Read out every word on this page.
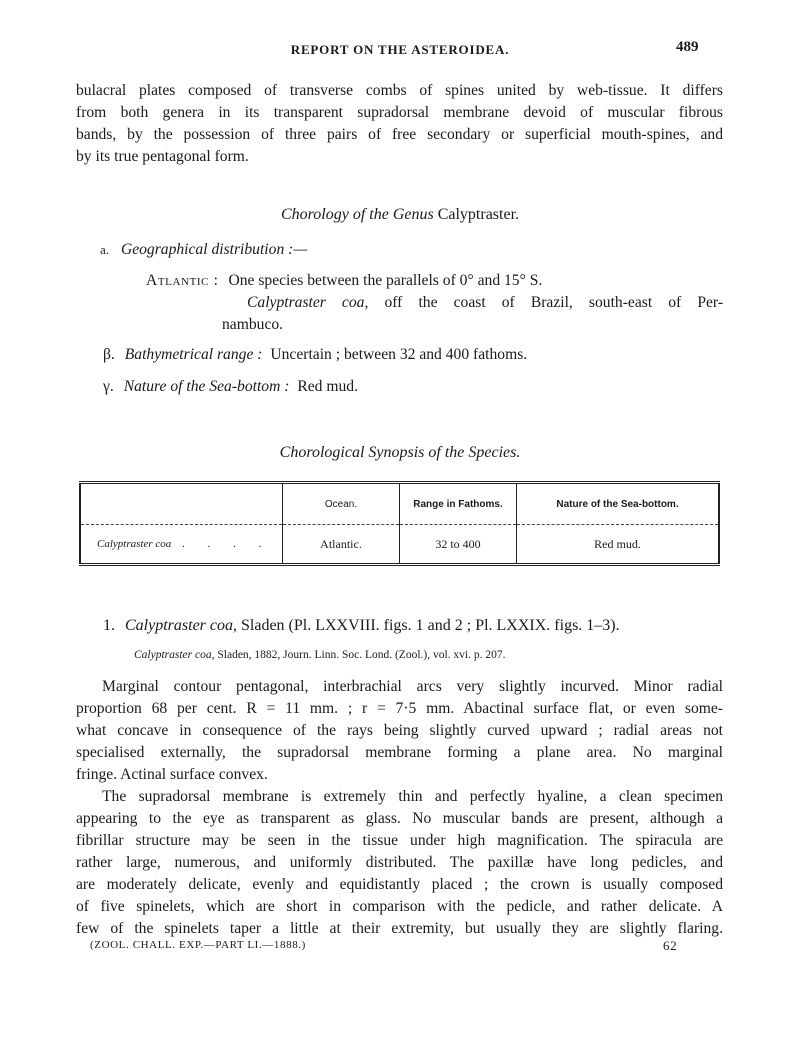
REPORT ON THE ASTEROIDEA.	489
bulacral plates composed of transverse combs of spines united by web-tissue. It differs
from both genera in its transparent supradorsal membrane devoid of muscular fibrous
bands, by the possession of three pairs of free secondary or superficial mouth-spines, and
by its true pentagonal form.
Chorology of the Genus Calyptraster.
a. Geographical distribution :—
Atlantic : One species between the parallels of 0° and 15° S.
Calyptraster coa, off the coast of Brazil, south-east of Per-
nambuco.
β. Bathymetrical range : Uncertain ; between 32 and 400 fathoms.
γ. Nature of the Sea-bottom : Red mud.
Chorological Synopsis of the Species.
	Ocean.	Range in Fathoms.	Nature of the Sea-bottom.
Calyptraster coa . . . .	Atlantic.	32 to 400	Red mud.
1. Calyptraster coa, Sladen (Pl. LXXVIII. figs. 1 and 2 ; Pl. LXXIX. figs. 1–3).
Calyptraster coa, Sladen, 1882, Journ. Linn. Soc. Lond. (Zool.), vol. xvi. p. 207.
Marginal contour pentagonal, interbrachial arcs very slightly incurved. Minor radial
proportion 68 per cent. R = 11 mm. ; r = 7·5 mm. Abactinal surface flat, or even some-
what concave in consequence of the rays being slightly curved upward ; radial areas not
specialised externally, the supradorsal membrane forming a plane area. No marginal
fringe. Actinal surface convex.
The supradorsal membrane is extremely thin and perfectly hyaline, a clean specimen
appearing to the eye as transparent as glass. No muscular bands are present, although a
fibrillar structure may be seen in the tissue under high magnification. The spiracula are
rather large, numerous, and uniformly distributed. The paxillæ have long pedicles, and
are moderately delicate, evenly and equidistantly placed ; the crown is usually composed
of five spinelets, which are short in comparison with the pedicle, and rather delicate. A
few of the spinelets taper a little at their extremity, but usually they are slightly flaring.
(ZOOL. CHALL. EXP.—PART LI.—1888.)	62
